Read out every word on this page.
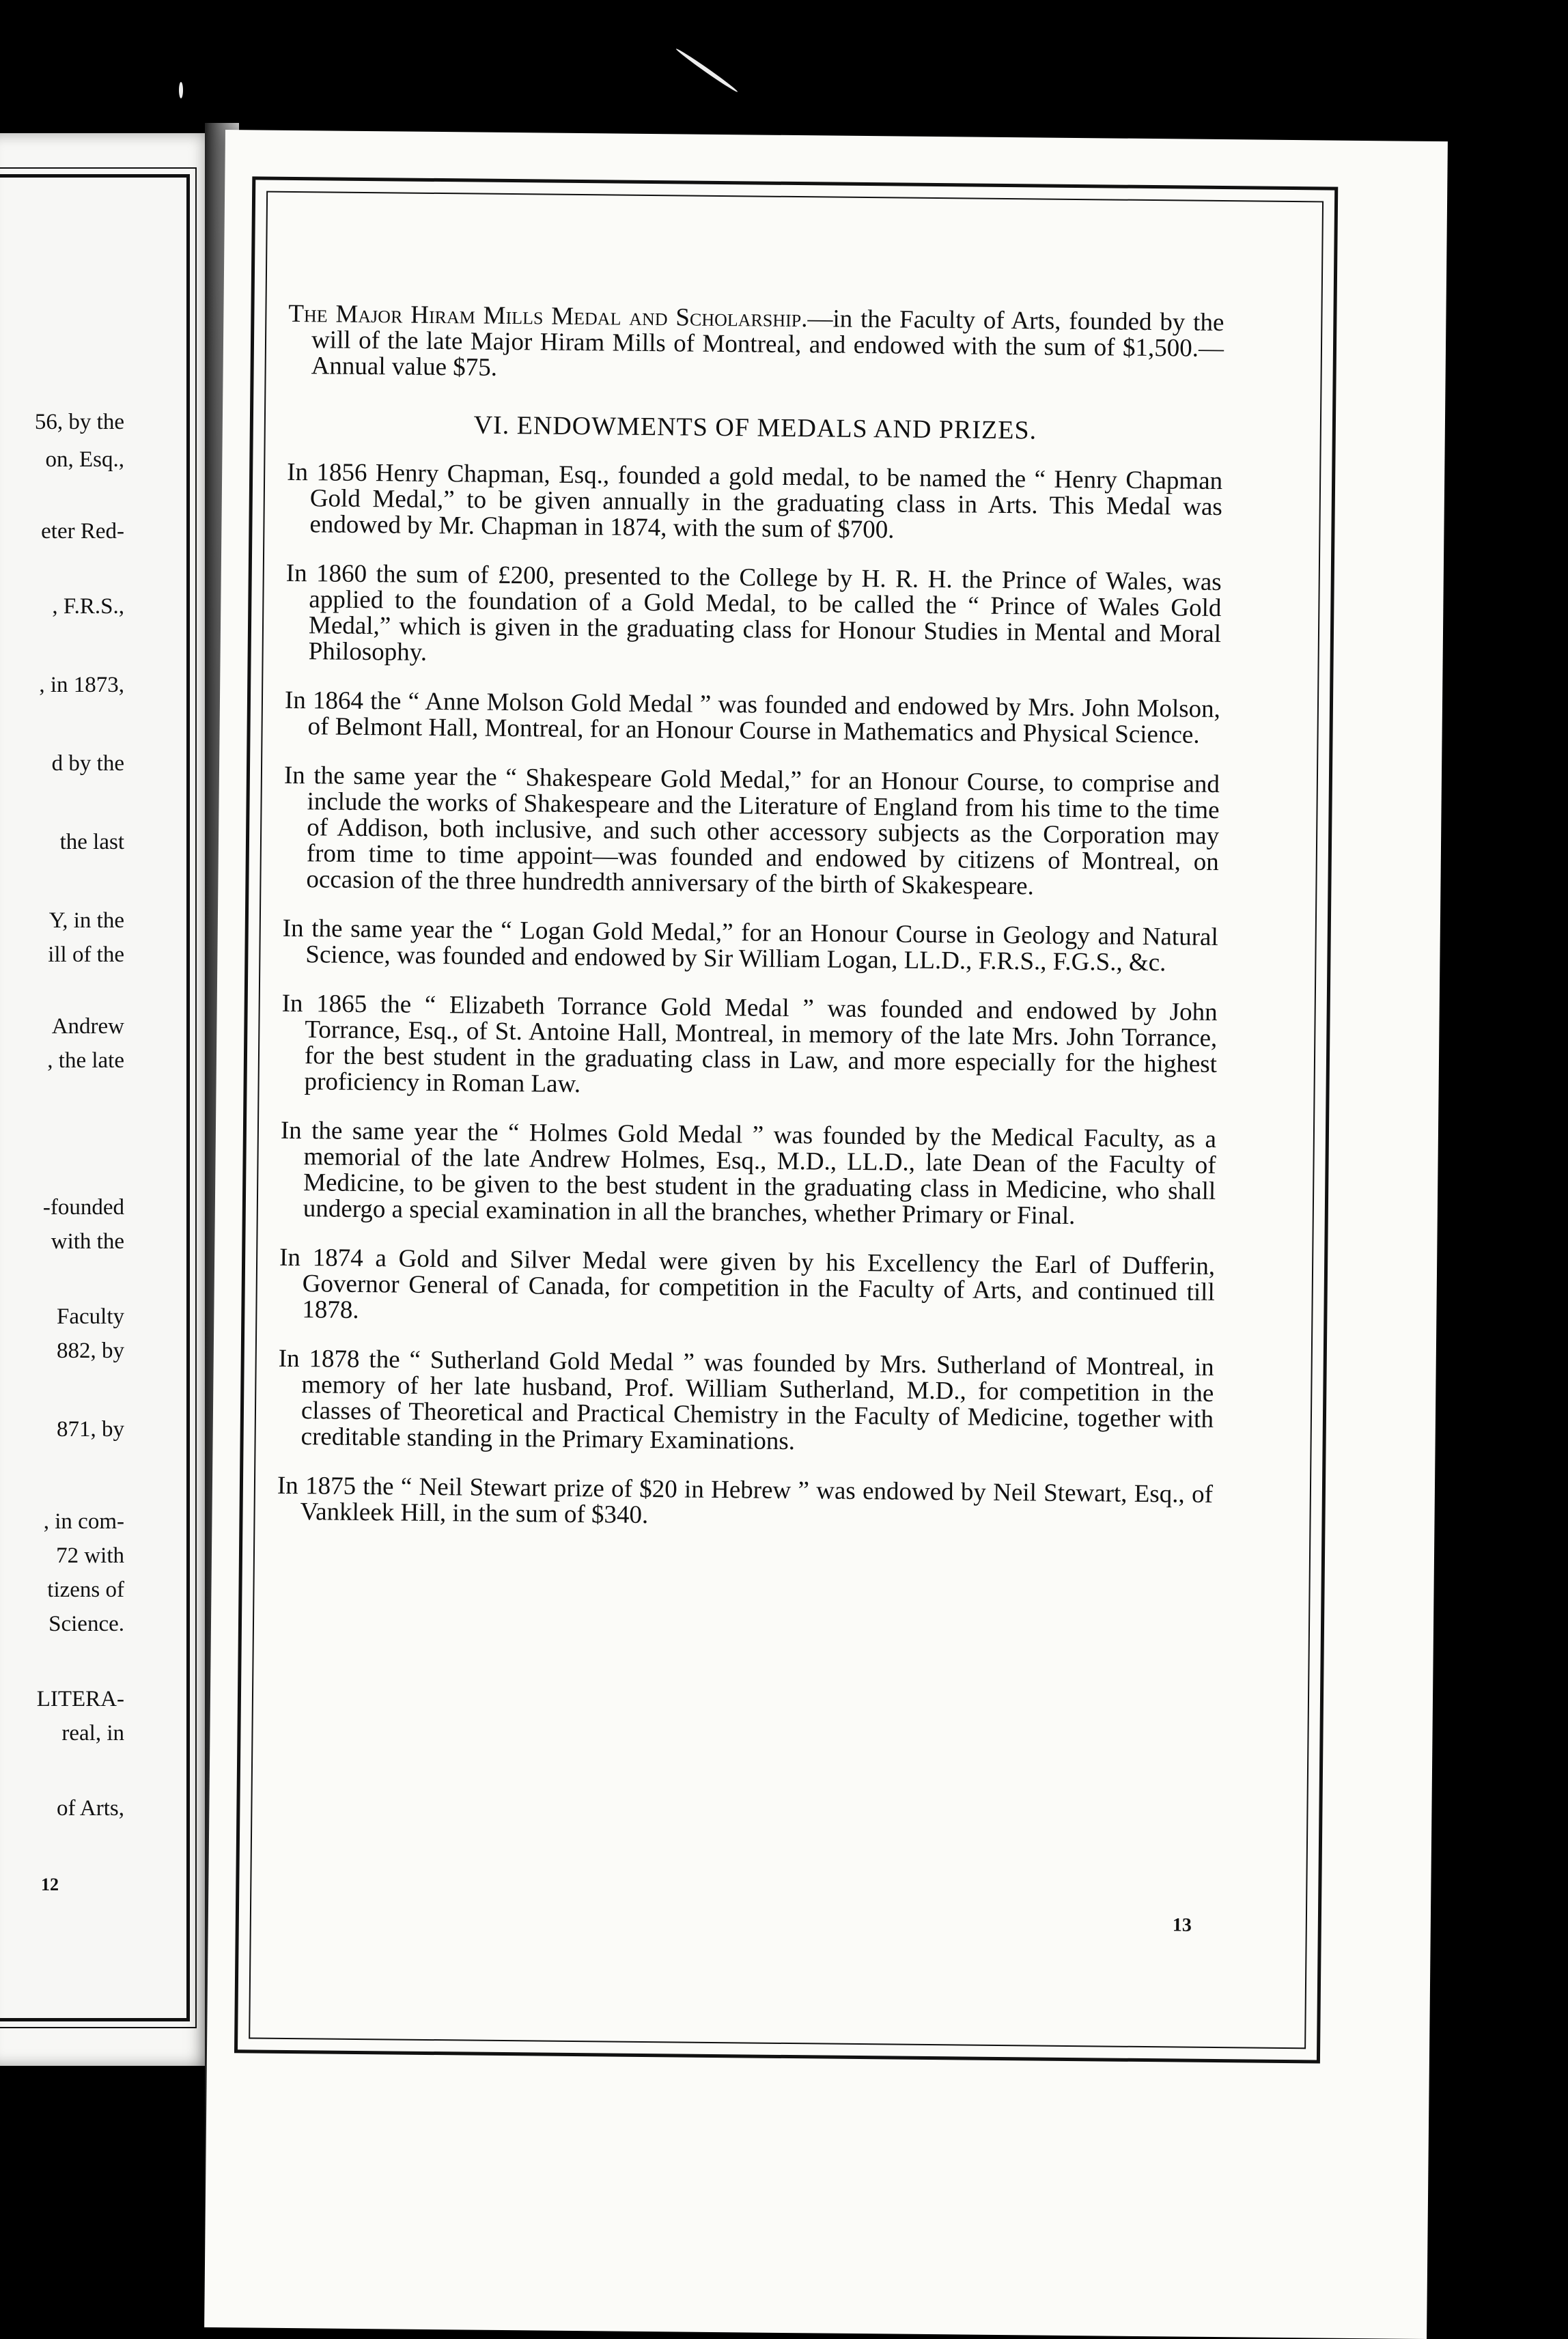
56, by the
on, Esq.,
eter Red-
, F.R.S.,
, in 1873,
d by the
the last
Y, in the
ill of the
Andrew
, the late
-founded
with the
Faculty
882, by
871, by
, in com-
72 with
tizens of
Science.
LITERA-
real, in
of Arts,
12

The Major Hiram Mills Medal and Scholarship.—in the Faculty of Arts, founded by the will of the late Major Hiram Mills of Montreal, and endowed with the sum of $1,500.—Annual value $75.

VI. ENDOWMENTS OF MEDALS AND PRIZES.

In 1856 Henry Chapman, Esq., founded a gold medal, to be named the “ Henry Chapman Gold Medal,” to be given annually in the graduating class in Arts. This Medal was endowed by Mr. Chapman in 1874, with the sum of $700.

In 1860 the sum of £200, presented to the College by H. R. H. the Prince of Wales, was applied to the foundation of a Gold Medal, to be called the “ Prince of Wales Gold Medal,” which is given in the graduating class for Honour Studies in Mental and Moral Philosophy.

In 1864 the “ Anne Molson Gold Medal ” was founded and endowed by Mrs. John Molson, of Belmont Hall, Montreal, for an Honour Course in Mathematics and Physical Science.

In the same year the “ Shakespeare Gold Medal,” for an Honour Course, to comprise and include the works of Shakespeare and the Literature of England from his time to the time of Addison, both inclusive, and such other accessory subjects as the Corporation may from time to time appoint—was founded and endowed by citizens of Montreal, on occasion of the three hundredth anniversary of the birth of Skakespeare.

In the same year the “ Logan Gold Medal,” for an Honour Course in Geology and Natural Science, was founded and endowed by Sir William Logan, LL.D., F.R.S., F.G.S., &c.

In 1865 the “ Elizabeth Torrance Gold Medal ” was founded and endowed by John Torrance, Esq., of St. Antoine Hall, Montreal, in memory of the late Mrs. John Torrance, for the best student in the graduating class in Law, and more especially for the highest proficiency in Roman Law.

In the same year the “ Holmes Gold Medal ” was founded by the Medical Faculty, as a memorial of the late Andrew Holmes, Esq., M.D., LL.D., late Dean of the Faculty of Medicine, to be given to the best student in the graduating class in Medicine, who shall undergo a special examination in all the branches, whether Primary or Final.

In 1874 a Gold and Silver Medal were given by his Excellency the Earl of Dufferin, Governor General of Canada, for competition in the Faculty of Arts, and continued till 1878.

In 1878 the “ Sutherland Gold Medal ” was founded by Mrs. Sutherland of Montreal, in memory of her late husband, Prof. William Sutherland, M.D., for competition in the classes of Theoretical and Practical Chemistry in the Faculty of Medicine, together with creditable standing in the Primary Examinations.

In 1875 the “ Neil Stewart prize of $20 in Hebrew ” was endowed by Neil Stewart, Esq., of Vankleek Hill, in the sum of $340.

13
